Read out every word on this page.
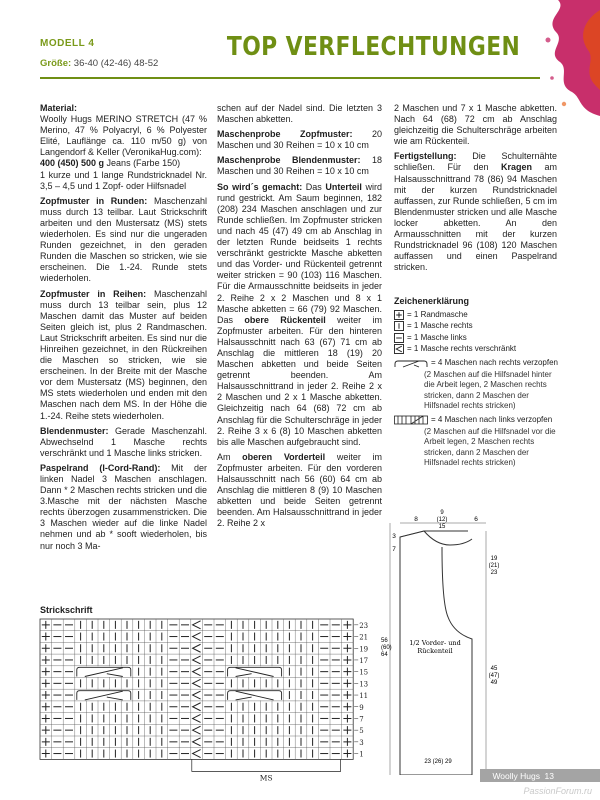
MODELL 4
Größe: 36-40 (42-46) 48-52
TOP VERFLECHTUNGEN

Material:
Woolly Hugs MERINO STRETCH (47 % Merino, 47 % Polyacryl, 6 % Polyester Elité, Lauflänge ca. 110 m/50 g) von Langendorf & Keller (VeronikaHug.com):
400 (450) 500 g Jeans (Farbe 150)
1 kurze und 1 lange Rundstricknadel Nr. 3,5 – 4,5 und 1 Zopf- oder Hilfsnadel

Zopfmuster in Runden: Maschenzahl muss durch 13 teilbar. Laut Strickschrift arbeiten und den Mustersatz (MS) stets wiederholen. Es sind nur die ungeraden Runden gezeichnet, in den geraden Runden die Maschen so stricken, wie sie erscheinen. Die 1.-24. Runde stets wiederholen.

Zopfmuster in Reihen: Maschenzahl muss durch 13 teilbar sein, plus 12 Maschen damit das Muster auf beiden Seiten gleich ist, plus 2 Randmaschen. Laut Strickschrift arbeiten. Es sind nur die Hinreihen gezeichnet, in den Rückreihen die Maschen so stricken, wie sie erscheinen. In der Breite mit der Masche vor dem Mustersatz (MS) beginnen, den MS stets wiederholen und enden mit den Maschen nach dem MS. In der Höhe die 1.-24. Reihe stets wiederholen.

Blendenmuster: Gerade Maschenzahl. Abwechselnd 1 Masche rechts verschränkt und 1 Masche links stricken.

Paspelrand (I-Cord-Rand): Mit der linken Nadel 3 Maschen anschlagen. Dann * 2 Maschen rechts stricken und die 3.Masche mit der nächsten Masche rechts überzogen zusammenstricken. Die 3 Maschen wieder auf die linke Nadel nehmen und ab * sooft wiederholen, bis nur noch 3 Ma-

schen auf der Nadel sind. Die letzten 3 Maschen abketten.

Maschenprobe Zopfmuster: 20 Maschen und 30 Reihen = 10 x 10 cm

Maschenprobe Blendenmuster: 18 Maschen und 30 Reihen = 10 x 10 cm

So wird´s gemacht: Das Unterteil wird rund gestrickt. Am Saum beginnen, 182 (208) 234 Maschen anschlagen und zur Runde schließen. Im Zopfmuster stricken und nach 45 (47) 49 cm ab Anschlag in der letzten Runde beidseits 1 rechts verschränkt gestrickte Masche abketten und das Vorder- und Rückenteil getrennt weiter stricken = 90 (103) 116 Maschen. Für die Armausschnitte beidseits in jeder 2. Reihe 2 x 2 Maschen und 8 x 1 Masche abketten = 66 (79) 92 Maschen. Das obere Rückenteil weiter im Zopfmuster arbeiten. Für den hinteren Halsausschnitt nach 63 (67) 71 cm ab Anschlag die mittleren 18 (19) 20 Maschen abketten und beide Seiten getrennt beenden. Am Halsausschnittrand in jeder 2. Reihe 2 x 2 Maschen und 2 x 1 Masche abketten. Gleichzeitig nach 64 (68) 72 cm ab Anschlag für die Schulterschräge in jeder 2. Reihe 3 x 6 (8) 10 Maschen abketten bis alle Maschen aufgebraucht sind.

Am oberen Vorderteil weiter im Zopfmuster arbeiten. Für den vorderen Halsausschnitt nach 56 (60) 64 cm ab Anschlag die mittleren 8 (9) 10 Maschen abketten und beide Seiten getrennt beenden. Am Halsausschnittrand in jeder 2. Reihe 2 x

2 Maschen und 7 x 1 Masche abketten. Nach 64 (68) 72 cm ab Anschlag gleichzeitig die Schulterschräge arbeiten wie am Rückenteil.

Fertigstellung: Die Schulternähte schließen. Für den Kragen am Halsausschnittrand 78 (86) 94 Maschen mit der kurzen Rundstricknadel auffassen, zur Runde schließen, 5 cm im Blendenmuster stricken und alle Masche locker abketten. An den Armausschnitten mit der kurzen Rundstricknadel 96 (108) 120 Maschen auffassen und einen Paspelrand stricken.

Zeichenerklärung
= 1 Randmasche
= 1 Masche rechts
= 1 Masche links
= 1 Masche rechts verschränkt
= 4 Maschen nach rechts verzopfen
(2 Maschen auf die Hilfsnadel hinter die Arbeit legen, 2 Maschen rechts stricken, dann 2 Maschen der Hilfsnadel rechts stricken)
= 4 Maschen nach links verzopfen
(2 Maschen auf die Hilfsnadel vor die Arbeit legen, 2 Maschen rechts stricken, dann 2 Maschen der Hilfsnadel rechts stricken)
Strickschrift
23
21
19
17
15
13
11
9
7
5
3
1
MS
8
9
(12)
15
6
3
7
19
(21)
23
56
(60)
64
1/2 Vorder- und
Rückenteil
45
(47)
49
23 (26) 29
Woolly Hugs 13
PassionForum.ru
